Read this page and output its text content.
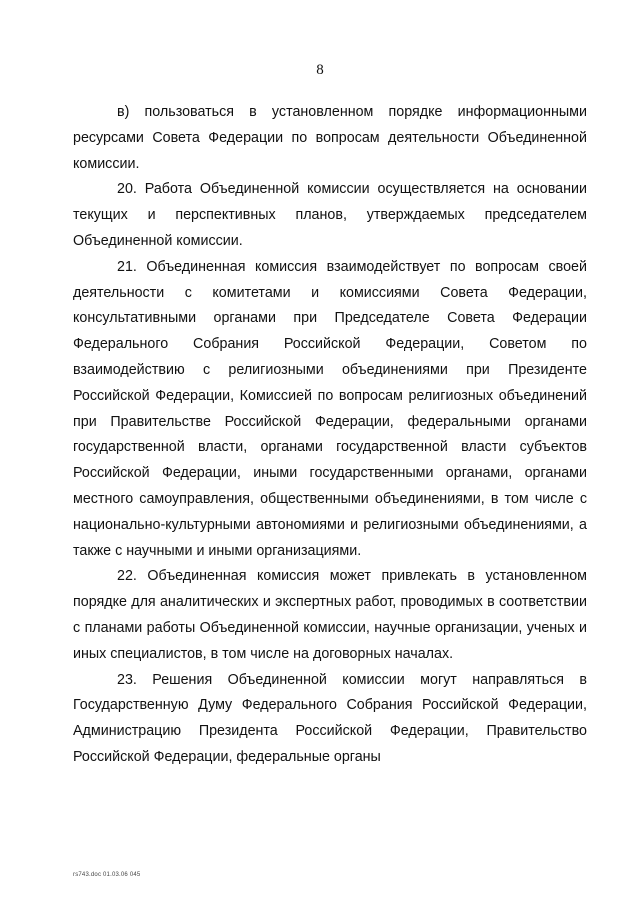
8

в) пользоваться в установленном порядке информационными ресурсами Совета Федерации по вопросам деятельности Объединенной комиссии.

20. Работа Объединенной комиссии осуществляется на основании текущих и перспективных планов, утверждаемых председателем Объединенной комиссии.

21. Объединенная комиссия взаимодействует по вопросам своей деятельности с комитетами и комиссиями Совета Федерации, консультативными органами при Председателе Совета Федерации Федерального Собрания Российской Федерации, Советом по взаимодействию с религиозными объединениями при Президенте Российской Федерации, Комиссией по вопросам религиозных объединений при Правительстве Российской Федерации, федеральными органами государственной власти, органами государственной власти субъектов Российской Федерации, иными государственными органами, органами местного самоуправления, общественными объединениями, в том числе с национально-культурными автономиями и религиозными объединениями, а также с научными и иными организациями.

22. Объединенная комиссия может привлекать в установленном порядке для аналитических и экспертных работ, проводимых в соответствии с планами работы Объединенной комиссии, научные организации, ученых и иных специалистов, в том числе на договорных началах.

23. Решения Объединенной комиссии могут направляться в Государственную Думу Федерального Собрания Российской Федерации, Администрацию Президента Российской Федерации, Правительство Российской Федерации, федеральные органы

rs743.doc 01.03.06 045
